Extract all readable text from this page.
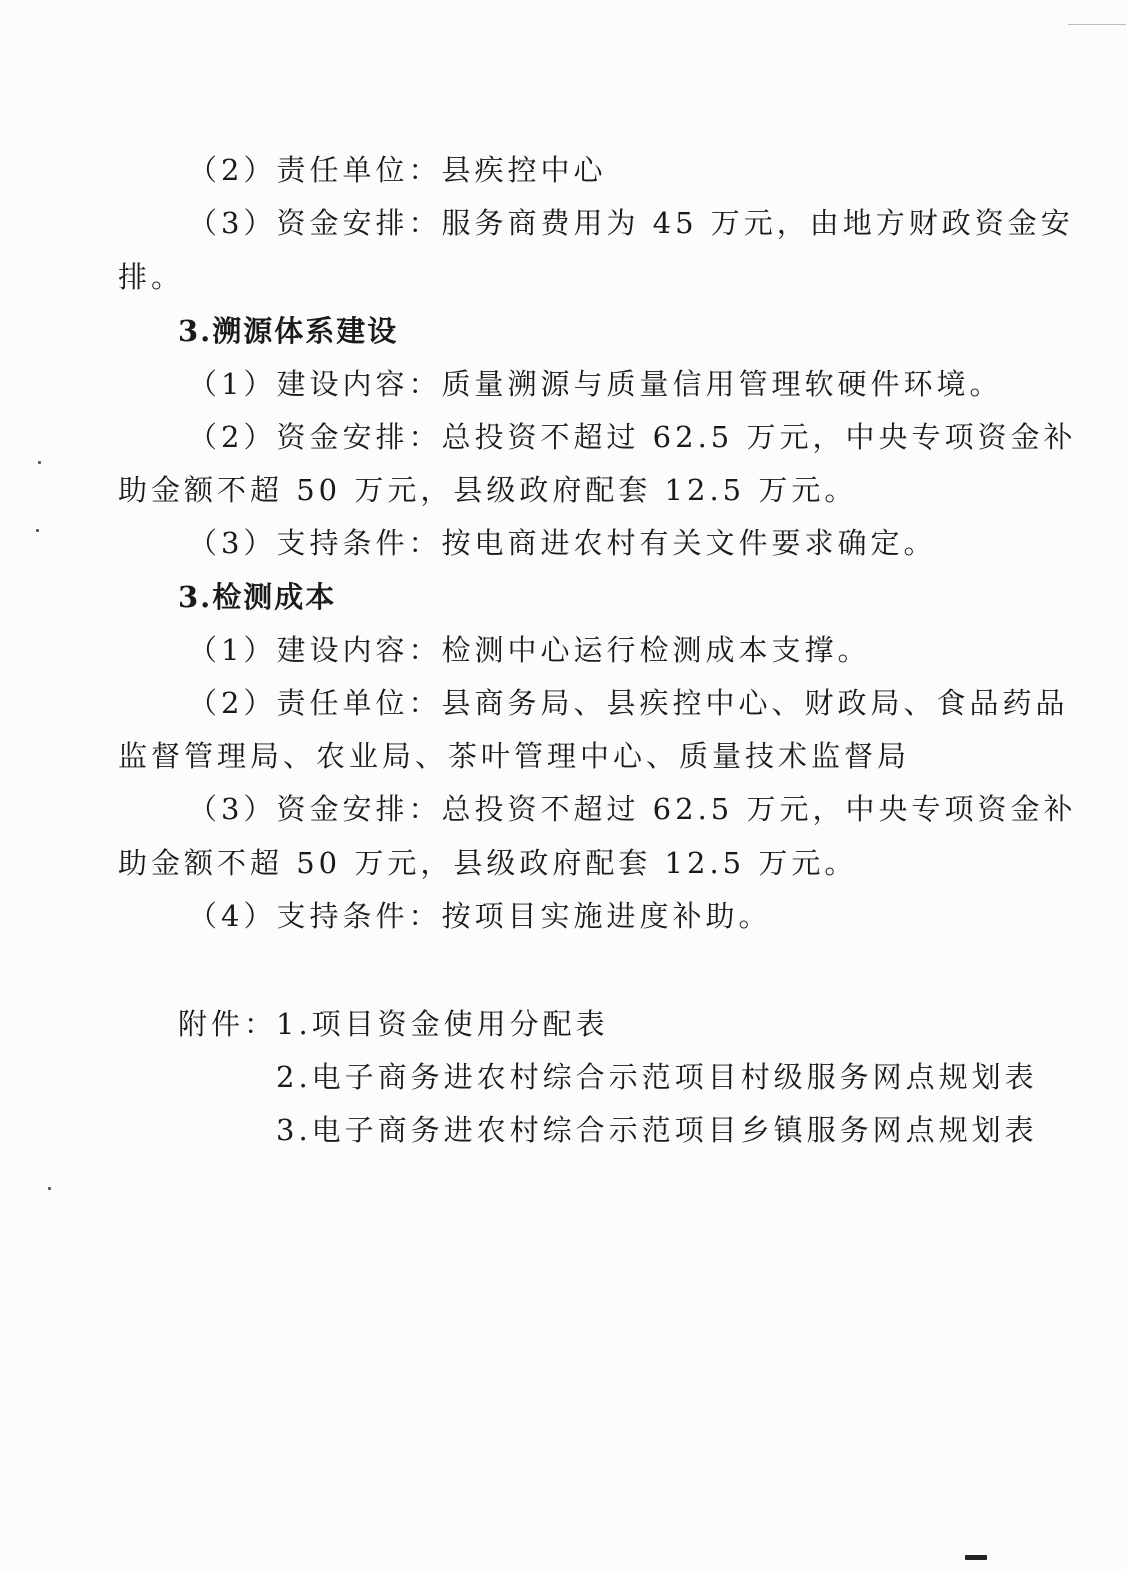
（2）责任单位：县疾控中心
（3）资金安排：服务商费用为 45 万元，由地方财政资金安
排。
3.溯源体系建设
（1）建设内容：质量溯源与质量信用管理软硬件环境。
（2）资金安排：总投资不超过 62.5 万元，中央专项资金补
助金额不超 50 万元，县级政府配套 12.5 万元。
（3）支持条件：按电商进农村有关文件要求确定。
3.检测成本
（1）建设内容：检测中心运行检测成本支撑。
（2）责任单位：县商务局、县疾控中心、财政局、食品药品
监督管理局、农业局、茶叶管理中心、质量技术监督局
（3）资金安排：总投资不超过 62.5 万元，中央专项资金补
助金额不超 50 万元，县级政府配套 12.5 万元。
（4）支持条件：按项目实施进度补助。
附件：
1.项目资金使用分配表
2.电子商务进农村综合示范项目村级服务网点规划表
3.电子商务进农村综合示范项目乡镇服务网点规划表
